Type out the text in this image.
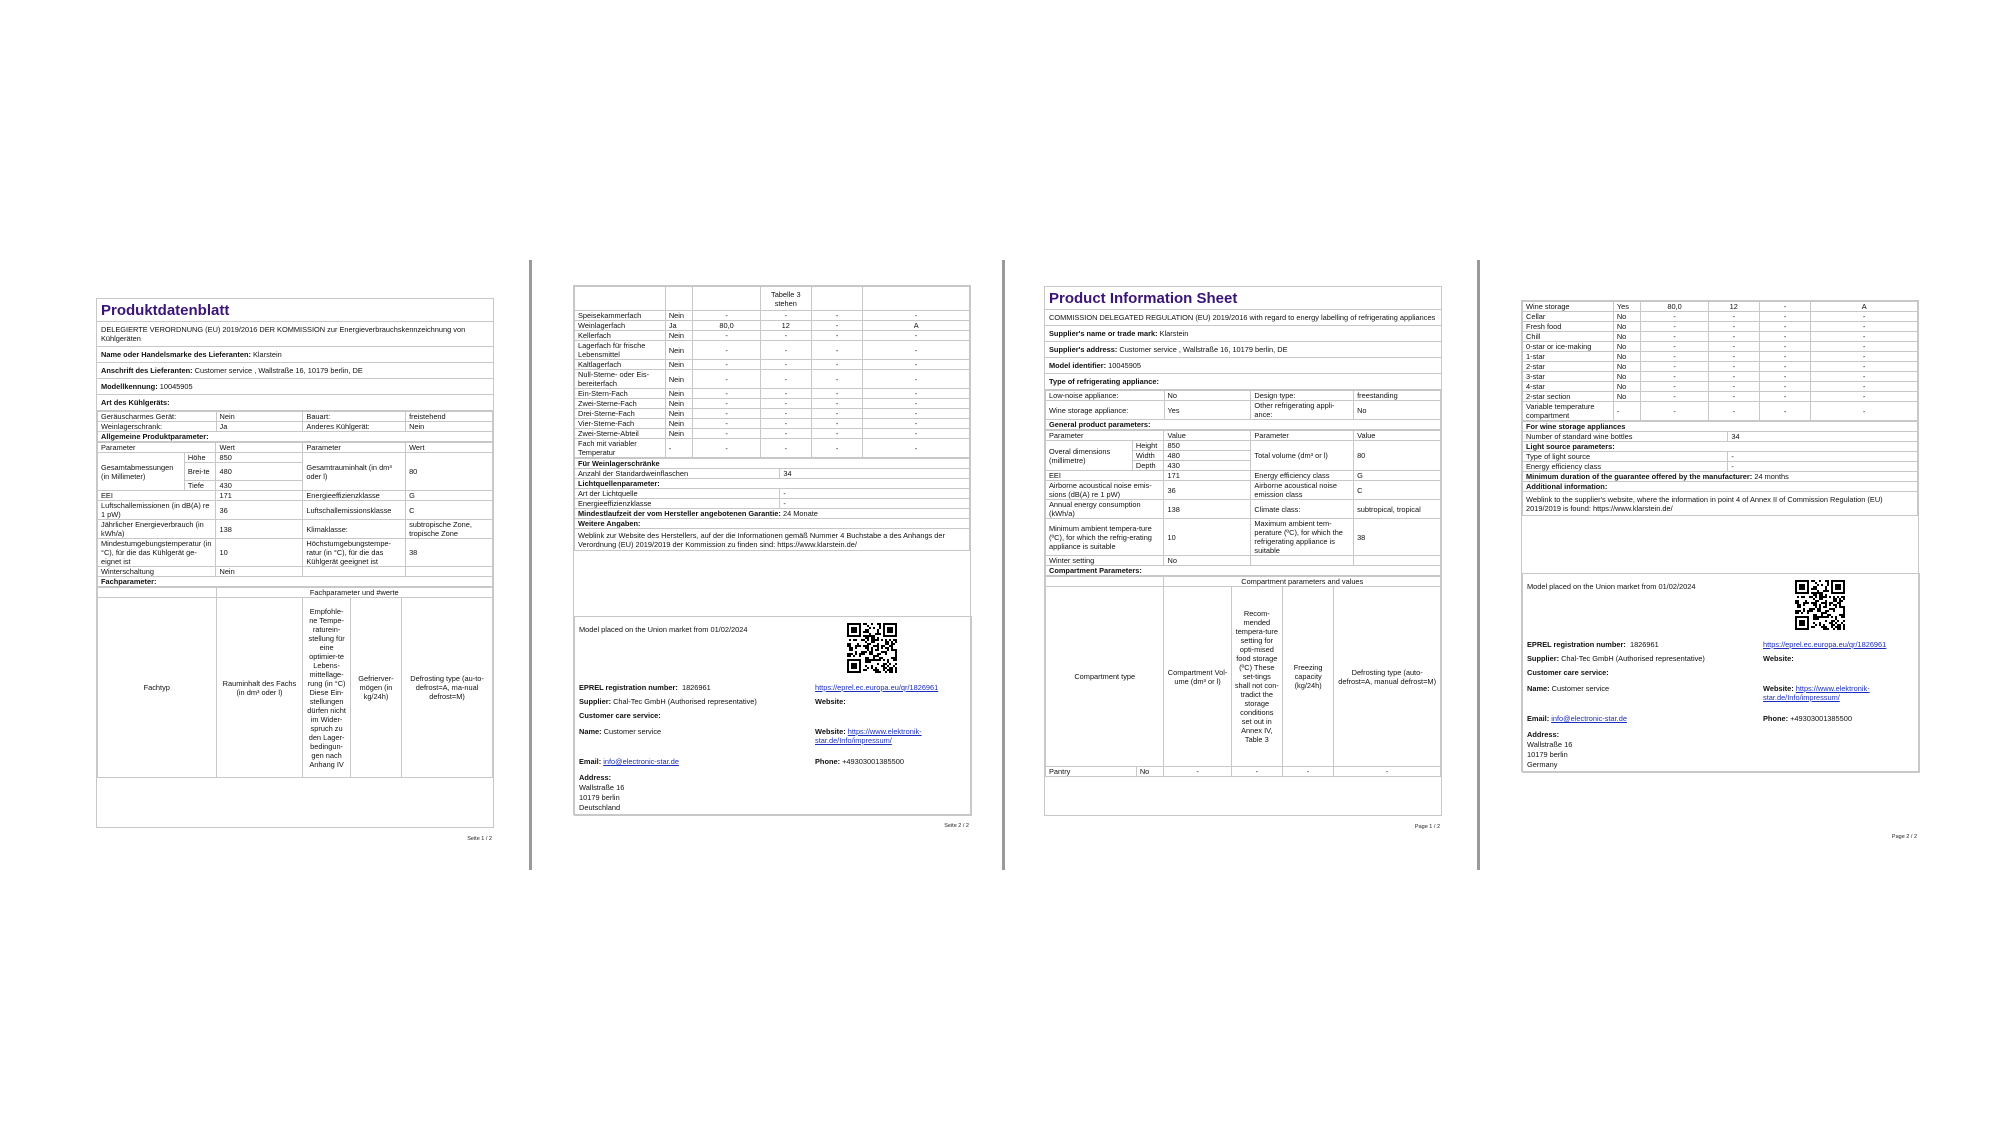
Produktdatenblatt
DELEGIERTE VERORDNUNG (EU) 2019/2016 DER KOMMISSION zur Energieverbrauchskennzeichnung von Kühlgeräten
Name oder Handelsmarke des Lieferanten: Klarstein
Anschrift des Lieferanten: Customer service , Wallstraße 16, 10179 berlin, DE
Modellkennung: 10045905
Art des Kühlgeräts:
Geräuscharmes Gerät:	Nein	Bauart:	freistehend
Weinlagerschrank:	Ja	Anderes Kühlgerät:	Nein
Allgemeine Produktparameter:			
Parameter		Wert	Parameter	Wert
Gesamtabmessungen (in Millimeter)	Höhe	850	Gesamtrauminhalt (in dm³ oder l)	80
	Brei-te	480		
	Tiefe	430		
EEI		171	Energieeffizienzklasse	G
Luftschallemissionen (in dB(A) re 1 pW)		36	Luftschallemissionsklasse	C
Jährlicher Energieverbrauch (in kWh/a)		138	Klimaklasse:	subtropische Zone, tropische Zone
Mindestumgebungstemperatur (in °C), für die das Kühlgerät ge-eignet ist		10	Höchstumgebungstempe-ratur (in °C), für die das Kühlgerät geeignet ist	38
Winterschaltung		Nein		
Fachparameter:				
	Fachparameter und #werte			
Fachtyp	Rauminhalt des Fachs (in dm³ oder l)	Empfohle-ne Tempe-raturein-stellung für eine optimier-te Lebens-mittellage-rung (in °C) Diese Ein-stellungen dürfen nicht im Wider-spruch zu den Lager-bedingun-gen nach Anhang IV	Gefrierver-mögen (in kg/24h)	Defrosting type (au-to-defrost=A, ma-nual defrost=M)
Seite 1 / 2
			Tabelle 3 stehen		
Speisekammerfach	Nein	-	-	-	-
Weinlagerfach	Ja	80,0	12	-	A
Kellerfach	Nein	-	-	-	-
Lagerfach für frische Lebensmittel	Nein	-	-	-	-
Kaltlagerfach	Nein	-	-	-	-
Null-Sterne- oder Eis-bereiterfach	Nein	-	-	-	-
Ein-Stern-Fach	Nein	-	-	-	-
Zwei-Sterne-Fach	Nein	-	-	-	-
Drei-Sterne-Fach	Nein	-	-	-	-
Vier-Sterne-Fach	Nein	-	-	-	-
Zwei-Sterne-Abteil	Nein	-	-	-	-
Fach mit variabler Temperatur	-	-	-	-	-
Für Weinlagerschränke	
Anzahl der Standardweinflaschen	34
Lichtquellenparameter:	
Art der Lichtquelle	-
Energieeffizienzklasse	-
Mindestlaufzeit der vom Hersteller angebotenen Garantie: 24 Monate	
Weitere Angaben:	
Weblink zur Website des Herstellers, auf der die Informationen gemäß Nummer 4 Buchstabe a des Anhangs der Verordnung (EU) 2019/2019 der Kommission zu finden sind: https://www.klarstein.de/	
Model placed on the Union market from 01/02/2024
EPREL registration number: 1826961	https://eprel.ec.europa.eu/qr/1826961
Supplier: Chal-Tec GmbH (Authorised representative)	Website:
Customer care service:
Name: Customer service	Website: https://www.elektronik-star.de/Info/impressum/
Email: info@electronic-star.de	Phone: +49303001385500
Address:
Wallstraße 16
10179 berlin
Deutschland
Seite 2 / 2
Product Information Sheet
COMMISSION DELEGATED REGULATION (EU) 2019/2016 with regard to energy labelling of refrigerating appliances
Supplier's name or trade mark: Klarstein
Supplier's address: Customer service , Wallstraße 16, 10179 berlin, DE
Model identifier: 10045905
Type of refrigerating appliance:
Low-noise appliance:	No	Design type:	freestanding
Wine storage appliance:	Yes	Other refrigerating appli-ance:	No
General product parameters:			
Parameter		Value	Parameter	Value
Overal dimensions (millimetre)	Height	850	Total volume (dm³ or l)	80
	Width	480		
	Depth	430		
EEI		171	Energy efficiency class	G
Airborne acoustical noise emis-sions (dB(A) re 1 pW)		36	Airborne acoustical noise emission class	C
Annual energy consumption (kWh/a)		138	Climate class:	subtropical, tropical
Minimum ambient tempera-ture (ºC), for which the refrig-erating appliance is suitable		10	Maximum ambient tem-perature (ºC), for which the refrigerating appliance is suitable	38
Winter setting		No		
Compartment Parameters:				
		Compartment parameters and values			
Compartment type		Compartment Vol-ume (dm³ or l)	Recom-mended tempera-ture setting for opti-mised food storage (ºC) These set-tings shall not con-tradict the storage conditions set out in Annex IV, Table 3	Freezing capacity (kg/24h)	Defrosting type (auto-defrost=A, manual defrost=M)
Pantry	No	-	-	-	-
Page 1 / 2
Wine storage	Yes	80,0	12	-	A
Cellar	No	-	-	-	-
Fresh food	No	-	-	-	-
Chill	No	-	-	-	-
0-star or ice-making	No	-	-	-	-
1-star	No	-	-	-	-
2-star	No	-	-	-	-
3-star	No	-	-	-	-
4-star	No	-	-	-	-
2-star section	No	-	-	-	-
Variable temperature compartment	-	-	-	-	-
For wine storage appliances	
Number of standard wine bottles	34
Light source parameters:	
Type of light source	-
Energy efficiency class	-
Minimum duration of the guarantee offered by the manufacturer: 24 months	
Additional information:	
Weblink to the supplier's website, where the information in point 4 of Annex II of Commission Regulation (EU) 2019/2019 is found: https://www.klarstein.de/	
Model placed on the Union market from 01/02/2024
EPREL registration number: 1826961	https://eprel.ec.europa.eu/qr/1826961
Supplier: Chal-Tec GmbH (Authorised representative)	Website:
Customer care service:
Name: Customer service	Website: https://www.elektronik-star.de/Info/impressum/
Email: info@electronic-star.de	Phone: +49303001385500
Address:
Wallstraße 16
10179 berlin
Germany
Page 2 / 2
